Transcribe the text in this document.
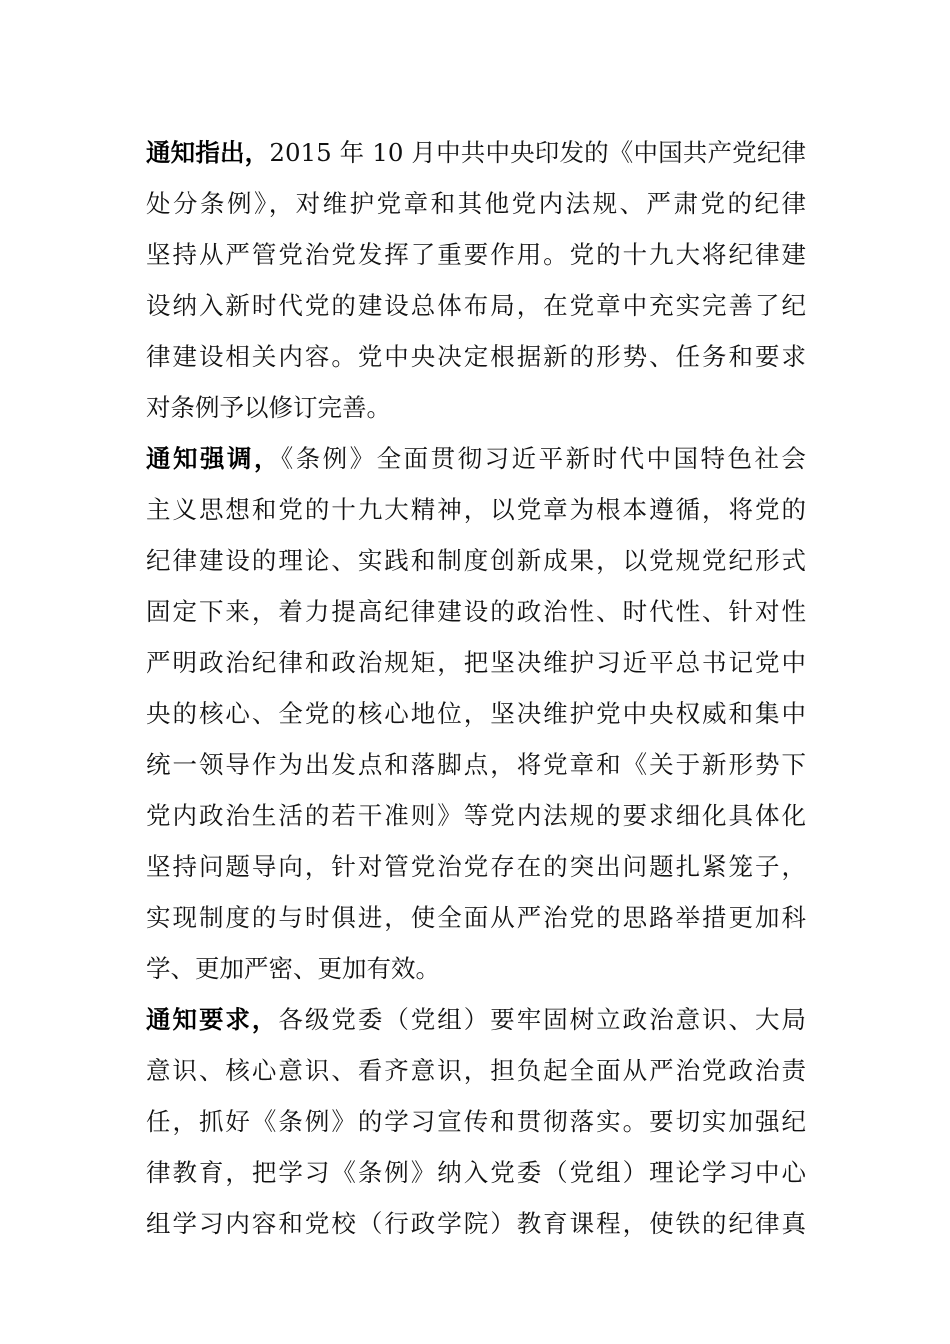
通知指出，2015 年 10 月中共中央印发的《中国共产党纪律
处分条例》，对维护党章和其他党内法规、严肃党的纪律
坚持从严管党治党发挥了重要作用。党的十九大将纪律建
设纳入新时代党的建设总体布局，在党章中充实完善了纪
律建设相关内容。党中央决定根据新的形势、任务和要求
对条例予以修订完善。
通知强调，《条例》全面贯彻习近平新时代中国特色社会
主义思想和党的十九大精神，以党章为根本遵循，将党的
纪律建设的理论、实践和制度创新成果，以党规党纪形式
固定下来，着力提高纪律建设的政治性、时代性、针对性
严明政治纪律和政治规矩，把坚决维护习近平总书记党中
央的核心、全党的核心地位，坚决维护党中央权威和集中
统一领导作为出发点和落脚点，将党章和《关于新形势下
党内政治生活的若干准则》等党内法规的要求细化具体化
坚持问题导向，针对管党治党存在的突出问题扎紧笼子，
实现制度的与时俱进，使全面从严治党的思路举措更加科
学、更加严密、更加有效。
通知要求，各级党委（党组）要牢固树立政治意识、大局
意识、核心意识、看齐意识，担负起全面从严治党政治责
任，抓好《条例》的学习宣传和贯彻落实。要切实加强纪
律教育，把学习《条例》纳入党委（党组）理论学习中心
组学习内容和党校（行政学院）教育课程，使铁的纪律真
